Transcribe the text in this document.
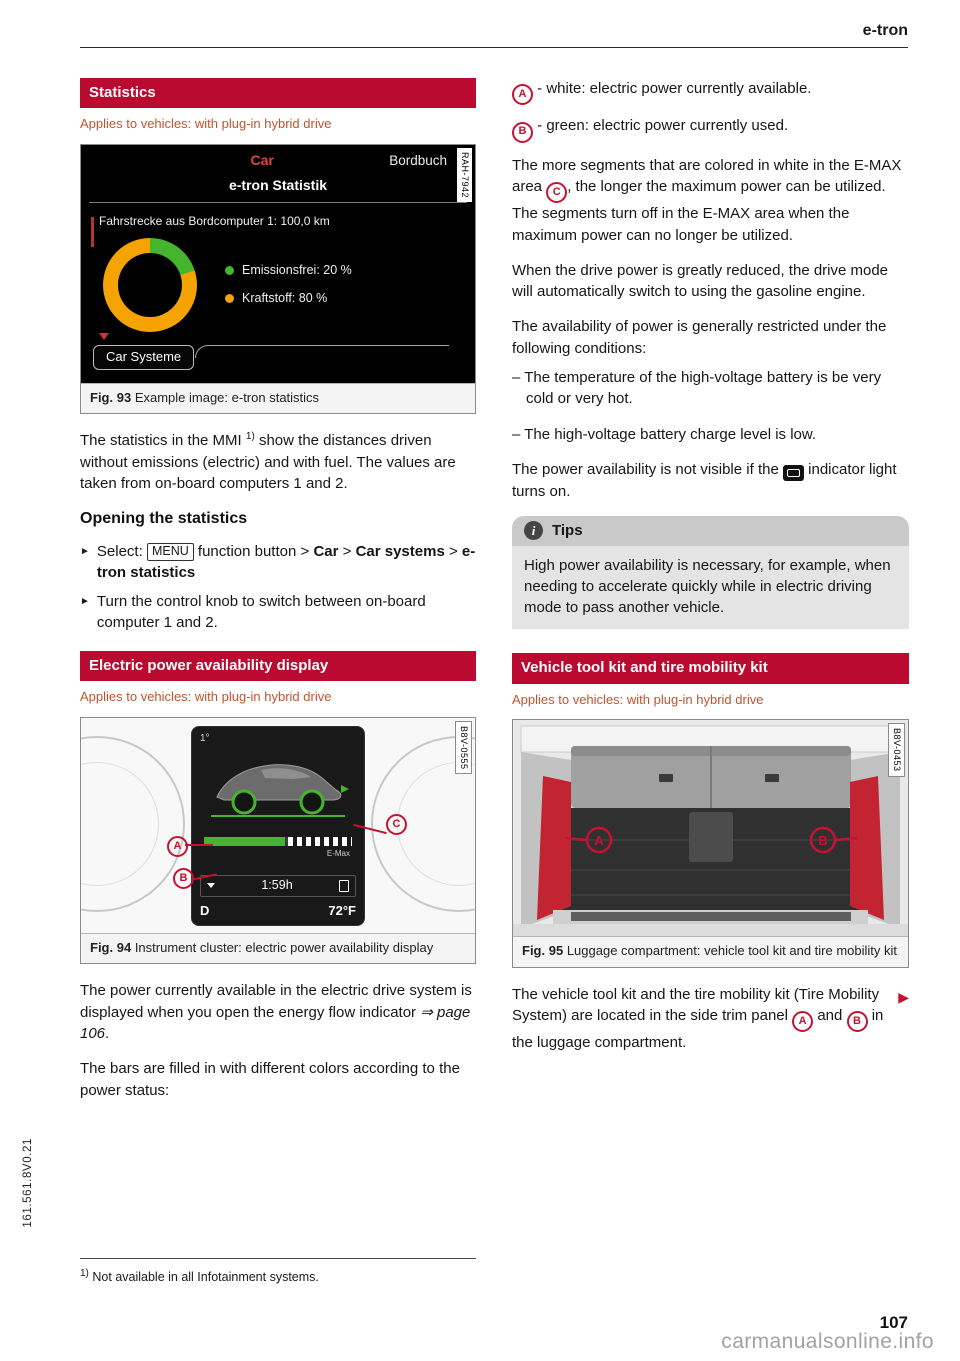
e-tron
Statistics
Applies to vehicles: with plug-in hybrid drive
RAH-7942
Car	Bordbuch
e-tron Statistik
Fahrstrecke aus Bordcomputer 1: 100,0 km
Emissionsfrei: 20 %
Kraftstoff: 80 %
Car Systeme
Fig. 93 Example image: e-tron statistics

The statistics in the MMI $^{1)}$ show the distances driven without emissions (electric) and with fuel. The values are taken from on-board computers 1 and 2.

Opening the statistics
► Select: MENU function button > Car > Car systems > e-tron statistics
► Turn the control knob to switch between on-board computer 1 and 2.
Electric power availability display
Applies to vehicles: with plug-in hybrid drive
B8V-0555
1°
E-Max
1:59h
D	72°F
A
B
C
Fig. 94 Instrument cluster: electric power availability display

The power currently available in the electric drive system is displayed when you open the energy flow indicator ⇒ page 106.

The bars are filled in with different colors according to the power status:

A - white: electric power currently available.

B - green: electric power currently used.

The more segments that are colored in white in the E-MAX area C , the longer the maximum power can be utilized. The segments turn off in the E-MAX area when the maximum power can no longer be utilized.

When the drive power is greatly reduced, the drive mode will automatically switch to using the gasoline engine.

The availability of power is generally restricted under the following conditions:

– The temperature of the high-voltage battery is be very cold or very hot.

– The high-voltage battery charge level is low.

The power availability is not visible if the indicator light turns on.

i	Tips
High power availability is necessary, for example, when needing to accelerate quickly while in electric driving mode to pass another vehicle.
Vehicle tool kit and tire mobility kit
Applies to vehicles: with plug-in hybrid drive
B8V-0453
A	B
Fig. 95 Luggage compartment: vehicle tool kit and tire mobility kit

▶
The vehicle tool kit and the tire mobility kit (Tire Mobility System) are located in the side trim panel A and B in the luggage compartment.

$^{1)}$ Not available in all Infotainment systems.

161.561.8V0.21
107
carmanualsonline.info
